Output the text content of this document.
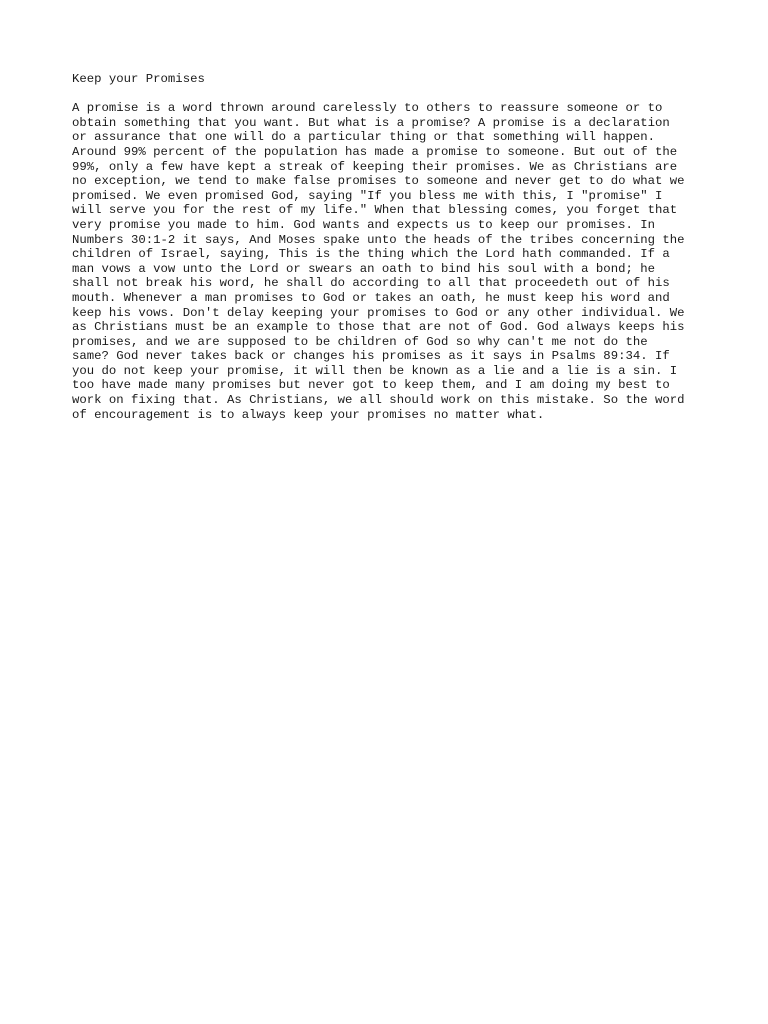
Keep your Promises
A promise is a word thrown around carelessly to others to reassure someone or to
obtain something that you want. But what is a promise? A promise is a declaration
or assurance that one will do a particular thing or that something will happen.
Around 99% percent of the population has made a promise to someone. But out of the
99%, only a few have kept a streak of keeping their promises. We as Christians are
no exception, we tend to make false promises to someone and never get to do what we
promised. We even promised God, saying "If you bless me with this, I "promise" I
will serve you for the rest of my life." When that blessing comes, you forget that
very promise you made to him. God wants and expects us to keep our promises. In
Numbers 30:1-2 it says, And Moses spake unto the heads of the tribes concerning the
children of Israel, saying, This is the thing which the Lord hath commanded. If a
man vows a vow unto the Lord or swears an oath to bind his soul with a bond; he
shall not break his word, he shall do according to all that proceedeth out of his
mouth. Whenever a man promises to God or takes an oath, he must keep his word and
keep his vows. Don't delay keeping your promises to God or any other individual. We
as Christians must be an example to those that are not of God. God always keeps his
promises, and we are supposed to be children of God so why can't me not do the
same? God never takes back or changes his promises as it says in Psalms 89:34. If
you do not keep your promise, it will then be known as a lie and a lie is a sin. I
too have made many promises but never got to keep them, and I am doing my best to
work on fixing that. As Christians, we all should work on this mistake. So the word
of encouragement is to always keep your promises no matter what.
